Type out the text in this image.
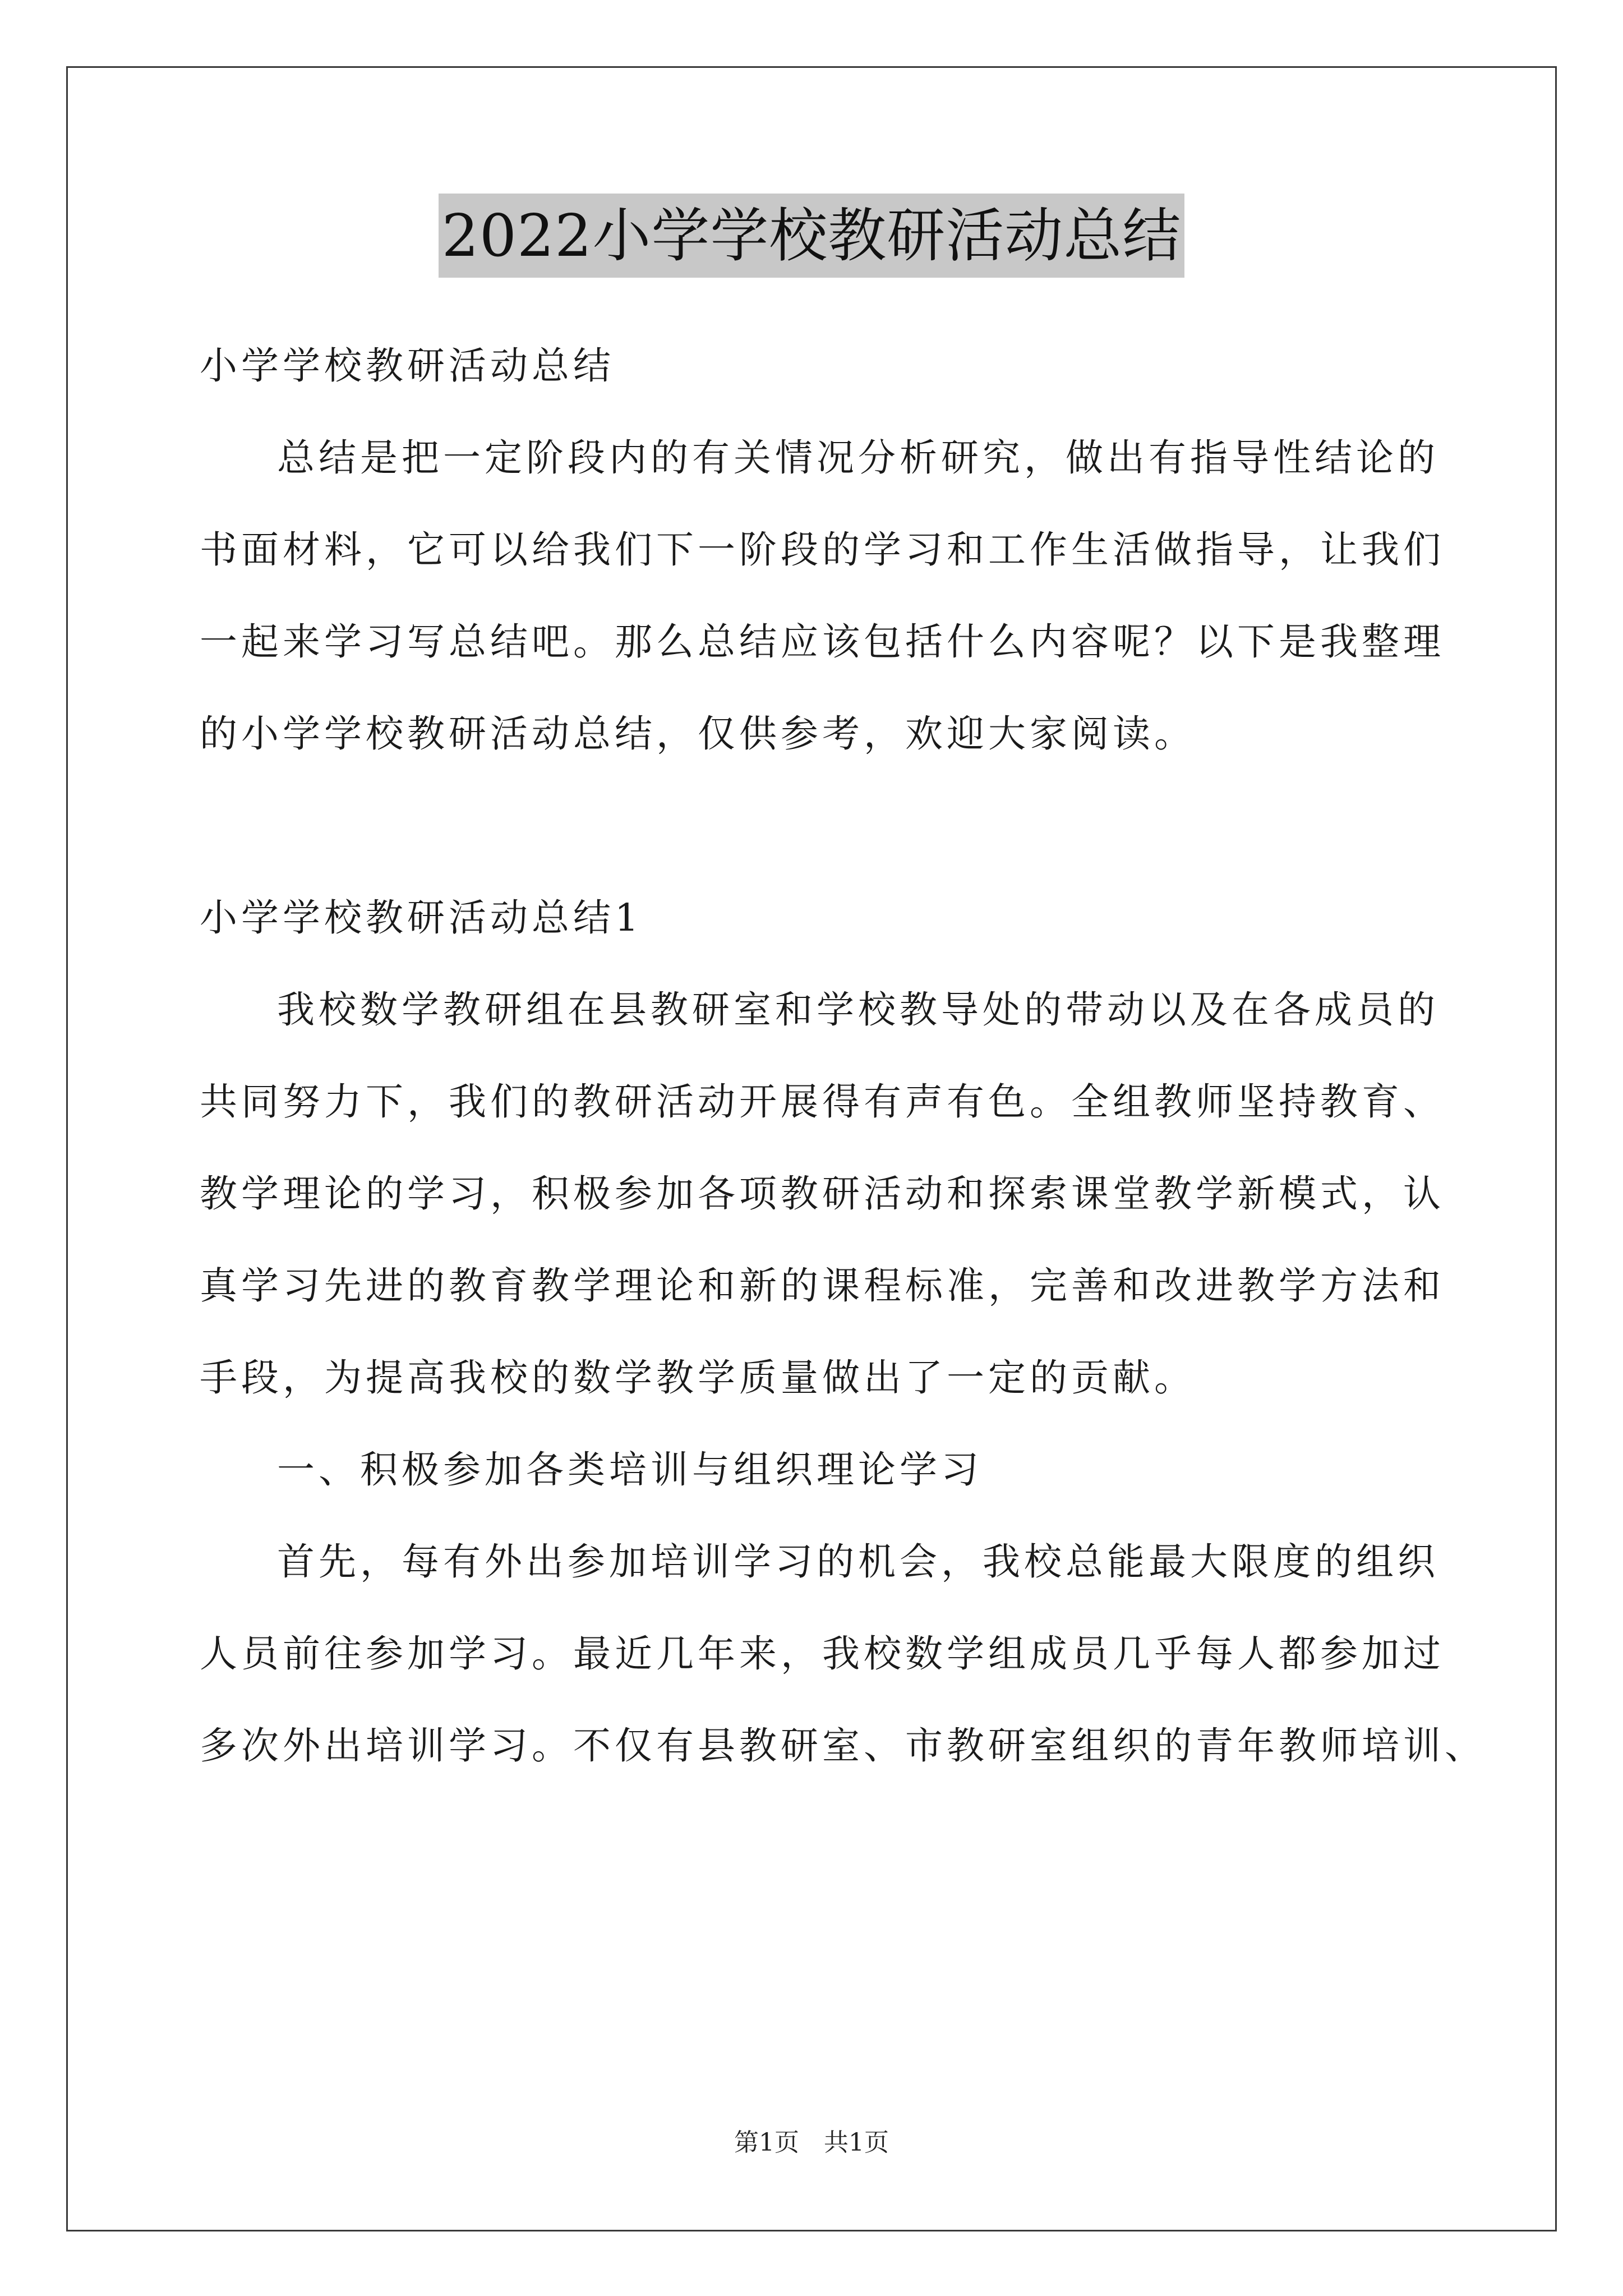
2022小学学校教研活动总结
小学学校教研活动总结
总结是把一定阶段内的有关情况分析研究，做出有指导性结论的
书面材料，它可以给我们下一阶段的学习和工作生活做指导，让我们
一起来学习写总结吧。那么总结应该包括什么内容呢？以下是我整理
的小学学校教研活动总结，仅供参考，欢迎大家阅读。
小学学校教研活动总结1
我校数学教研组在县教研室和学校教导处的带动以及在各成员的
共同努力下，我们的教研活动开展得有声有色。全组教师坚持教育、
教学理论的学习，积极参加各项教研活动和探索课堂教学新模式，认
真学习先进的教育教学理论和新的课程标准，完善和改进教学方法和
手段，为提高我校的数学教学质量做出了一定的贡献。
一、积极参加各类培训与组织理论学习
首先，每有外出参加培训学习的机会，我校总能最大限度的组织
人员前往参加学习。最近几年来，我校数学组成员几乎每人都参加过
多次外出培训学习。不仅有县教研室、市教研室组织的青年教师培训、
第1页 共1页
